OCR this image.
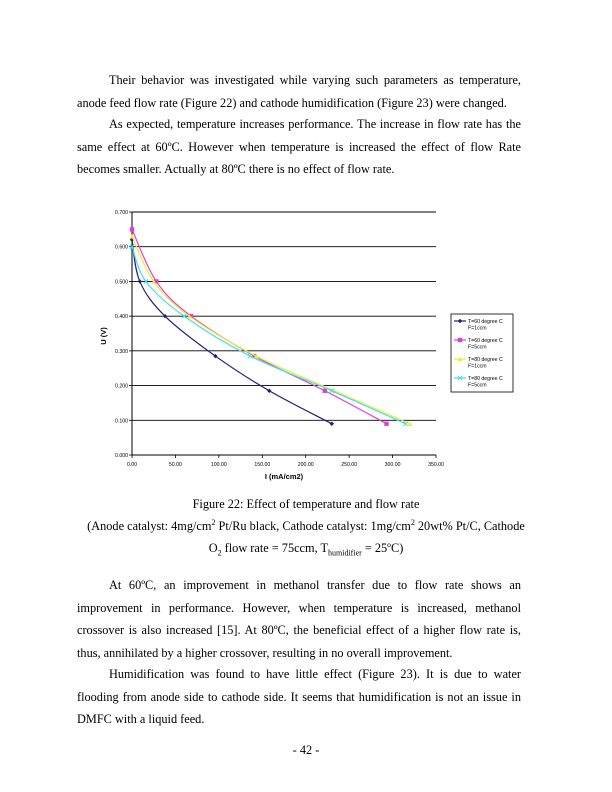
Their behavior was investigated while varying such parameters as temperature, anode feed flow rate (Figure 22) and cathode humidification (Figure 23) were changed.

As expected, temperature increases performance. The increase in flow rate has the same effect at 60ºC. However when temperature is increased the effect of flow Rate becomes smaller. Actually at 80ºC there is no effect of flow rate.

0.000
0.100
0.200
0.300
0.400
0.500
0.600
0.700
0.00	50.00	100.00	150.00	200.00	250.00	300.00	350.00
T=60 degree C
F=1ccm
T=60 degree C
F=5ccm
T=80 degree C
F=1ccm
T=80 degree C
F=5ccm
I (mA/cm2)
U (V)

Figure 22: Effect of temperature and flow rate

(Anode catalyst: $4mg/cm^2$ Pt/Ru black, Cathode catalyst: $1mg/cm^2$ 20wt% Pt/C, Cathode

$O_2$ flow rate = 75ccm, $T_{humidifier}$ = 25ºC)

At 60ºC, an improvement in methanol transfer due to flow rate shows an improvement in performance. However, when temperature is increased, methanol crossover is also increased [15]. At 80ºC, the beneficial effect of a higher flow rate is, thus, annihilated by a higher crossover, resulting in no overall improvement.

Humidification was found to have little effect (Figure 23). It is due to water flooding from anode side to cathode side. It seems that humidification is not an issue in DMFC with a liquid feed.

- 42 -
